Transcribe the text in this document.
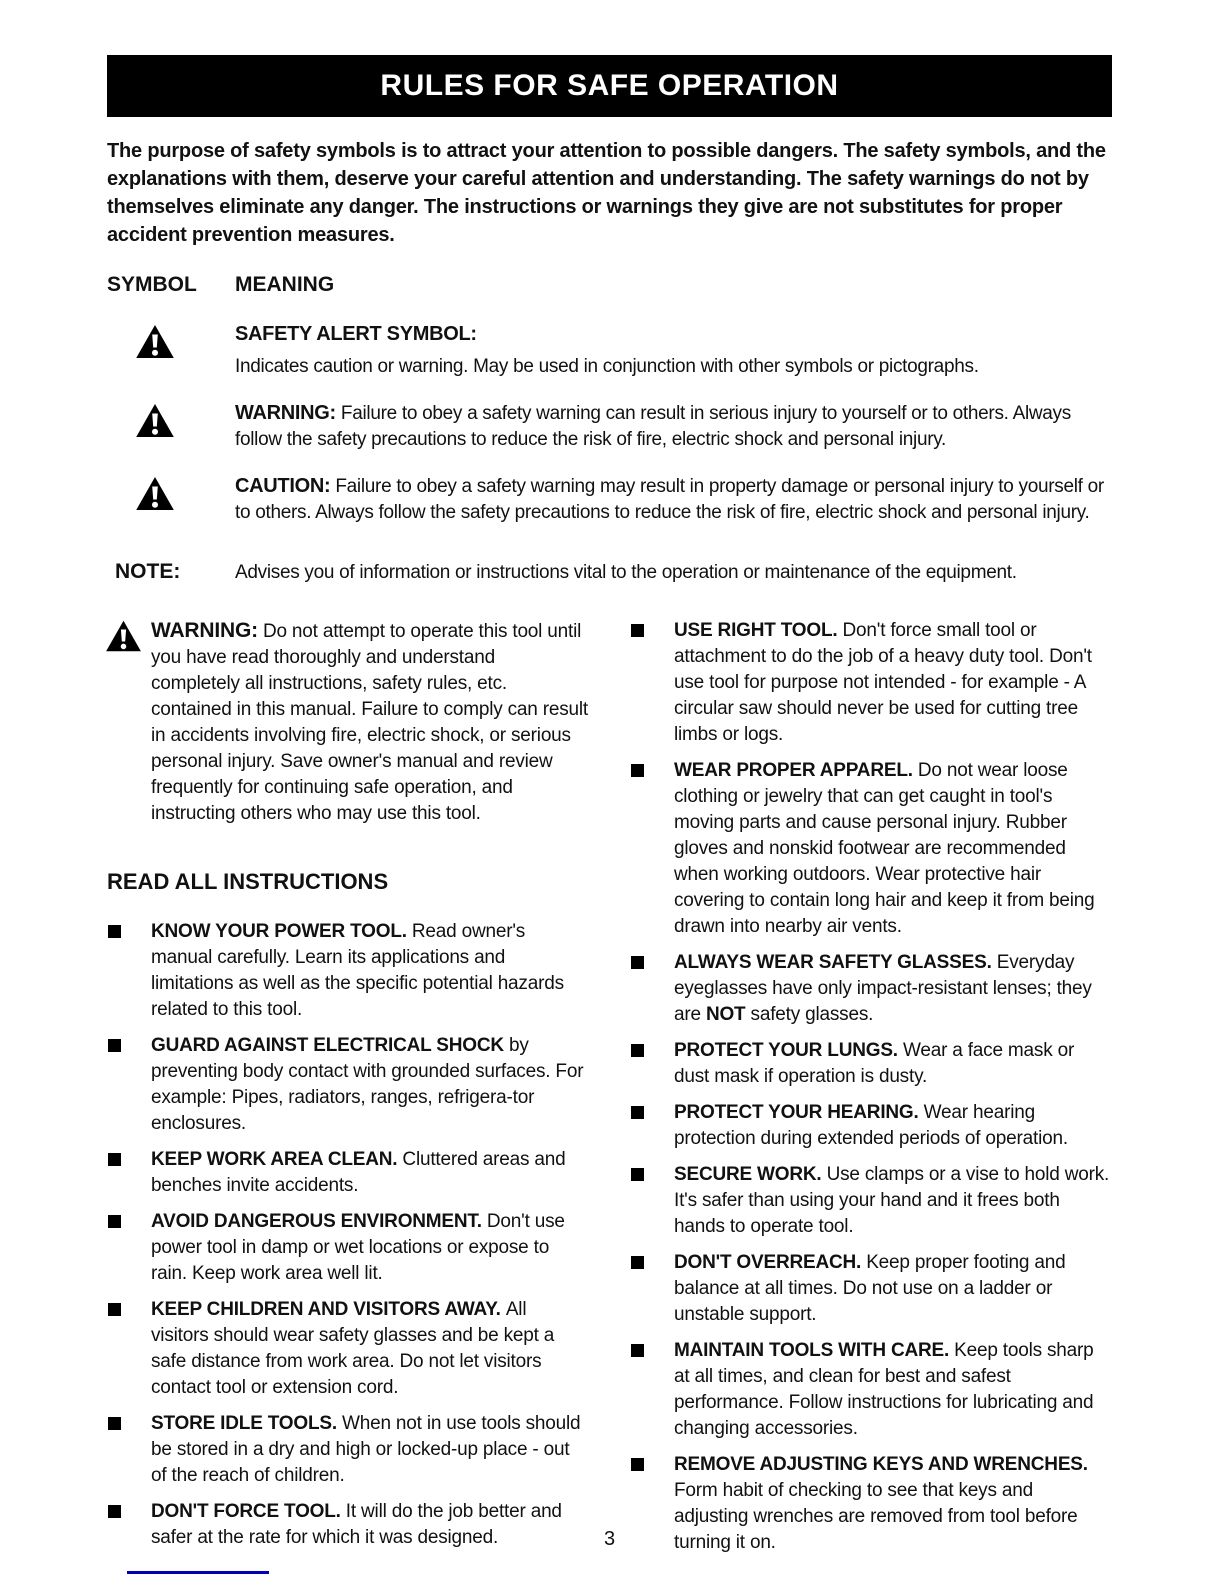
RULES FOR SAFE OPERATION

The purpose of safety symbols is to attract your attention to possible dangers. The safety symbols, and the explanations with them, deserve your careful attention and understanding. The safety warnings do not by themselves eliminate any danger. The instructions or warnings they give are not substitutes for proper accident prevention measures.

SYMBOL MEANING
SAFETY ALERT SYMBOL:
Indicates caution or warning. May be used in conjunction with other symbols or pictographs.
WARNING: Failure to obey a safety warning can result in serious injury to yourself or to others. Always follow the safety precautions to reduce the risk of fire, electric shock and personal injury.
CAUTION: Failure to obey a safety warning may result in property damage or personal injury to yourself or to others. Always follow the safety precautions to reduce the risk of fire, electric shock and personal injury.
NOTE:	Advises you of information or instructions vital to the operation or maintenance of the equipment.
WARNING: Do not attempt to operate this tool until you have read thoroughly and understand completely all instructions, safety rules, etc. contained in this manual. Failure to comply can result in accidents involving fire, electric shock, or serious personal injury. Save owner's manual and review frequently for continuing safe operation, and instructing others who may use this tool.
READ ALL INSTRUCTIONS
KNOW YOUR POWER TOOL. Read owner's manual carefully. Learn its applications and limitations as well as the specific potential hazards related to this tool.
GUARD AGAINST ELECTRICAL SHOCK by preventing body contact with grounded surfaces. For example: Pipes, radiators, ranges, refrigera-tor enclosures.
KEEP WORK AREA CLEAN. Cluttered areas and benches invite accidents.
AVOID DANGEROUS ENVIRONMENT. Don't use power tool in damp or wet locations or expose to rain. Keep work area well lit.
KEEP CHILDREN AND VISITORS AWAY. All visitors should wear safety glasses and be kept a safe distance from work area. Do not let visitors contact tool or extension cord.
STORE IDLE TOOLS. When not in use tools should be stored in a dry and high or locked-up place - out of the reach of children.
DON'T FORCE TOOL. It will do the job better and safer at the rate for which it was designed.
USE RIGHT TOOL. Don't force small tool or attachment to do the job of a heavy duty tool. Don't use tool for purpose not intended - for example - A circular saw should never be used for cutting tree limbs or logs.
WEAR PROPER APPAREL. Do not wear loose clothing or jewelry that can get caught in tool's moving parts and cause personal injury. Rubber gloves and nonskid footwear are recommended when working outdoors. Wear protective hair covering to contain long hair and keep it from being drawn into nearby air vents.
ALWAYS WEAR SAFETY GLASSES. Everyday eyeglasses have only impact-resistant lenses; they are NOT safety glasses.
PROTECT YOUR LUNGS. Wear a face mask or dust mask if operation is dusty.
PROTECT YOUR HEARING. Wear hearing protection during extended periods of operation.
SECURE WORK. Use clamps or a vise to hold work. It's safer than using your hand and it frees both hands to operate tool.
DON'T OVERREACH. Keep proper footing and balance at all times. Do not use on a ladder or unstable support.
MAINTAIN TOOLS WITH CARE. Keep tools sharp at all times, and clean for best and safest performance. Follow instructions for lubricating and changing accessories.
REMOVE ADJUSTING KEYS AND WRENCHES. Form habit of checking to see that keys and adjusting wrenches are removed from tool before turning it on.
3
